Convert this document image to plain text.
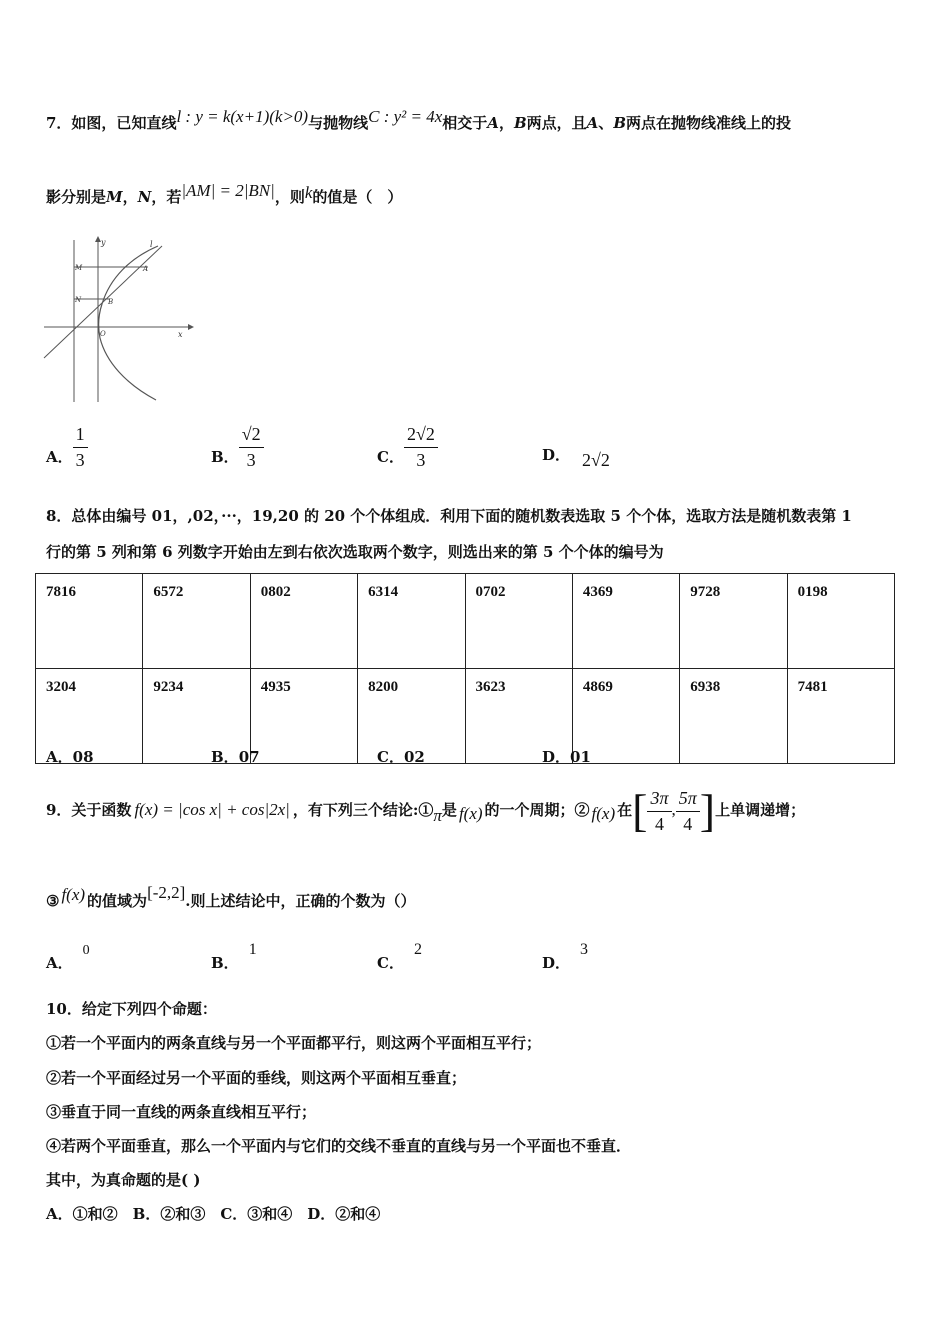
7．如图，已知直线l : y = k(x+1)(k>0)与抛物线C : y² = 4x相交于A，B两点，且A、B两点在抛物线准线上的投
影分别是M，N，若|AM| = 2|BN|，则k的值是（　）
y
x
l
M
N
A
B
O
A． $\frac{1}{3}$	B． $\frac{√2}{3}$	C． $\frac{2√2}{3}$	D． 2√2
8．总体由编号 01，,02，···，19,20 的 20 个个体组成．利用下面的随机数表选取 5 个个体，选取方法是随机数表第 1
行的第 5 列和第 6 列数字开始由左到右依次选取两个数字，则选出来的第 5 个个体的编号为
7816	6572	0802	6314	0702	4369	9728	0198
3204	9234	4935	8200	3623	4869	6938	7481
A．08	B．07	C．02	D．01
9．关于函数 f(x) = |cos x| + cos|2x| ，有下列三个结论:①π是 f(x) 的一个周期；② f(x) 在[ $\frac{3\pi}{4}$ , $\frac{5\pi}{4}$ ]上单调递增；
③ f(x) 的值域为[-2,2].则上述结论中，正确的个数为（）
A．0
B．1
C．2
D．3
10．给定下列四个命题：
①若一个平面内的两条直线与另一个平面都平行，则这两个平面相互平行；
②若一个平面经过另一个平面的垂线，则这两个平面相互垂直；
③垂直于同一直线的两条直线相互平行；
④若两个平面垂直，那么一个平面内与它们的交线不垂直的直线与另一个平面也不垂直．
其中，为真命题的是( )
A．①和②　B．②和③　C．③和④　D．②和④
